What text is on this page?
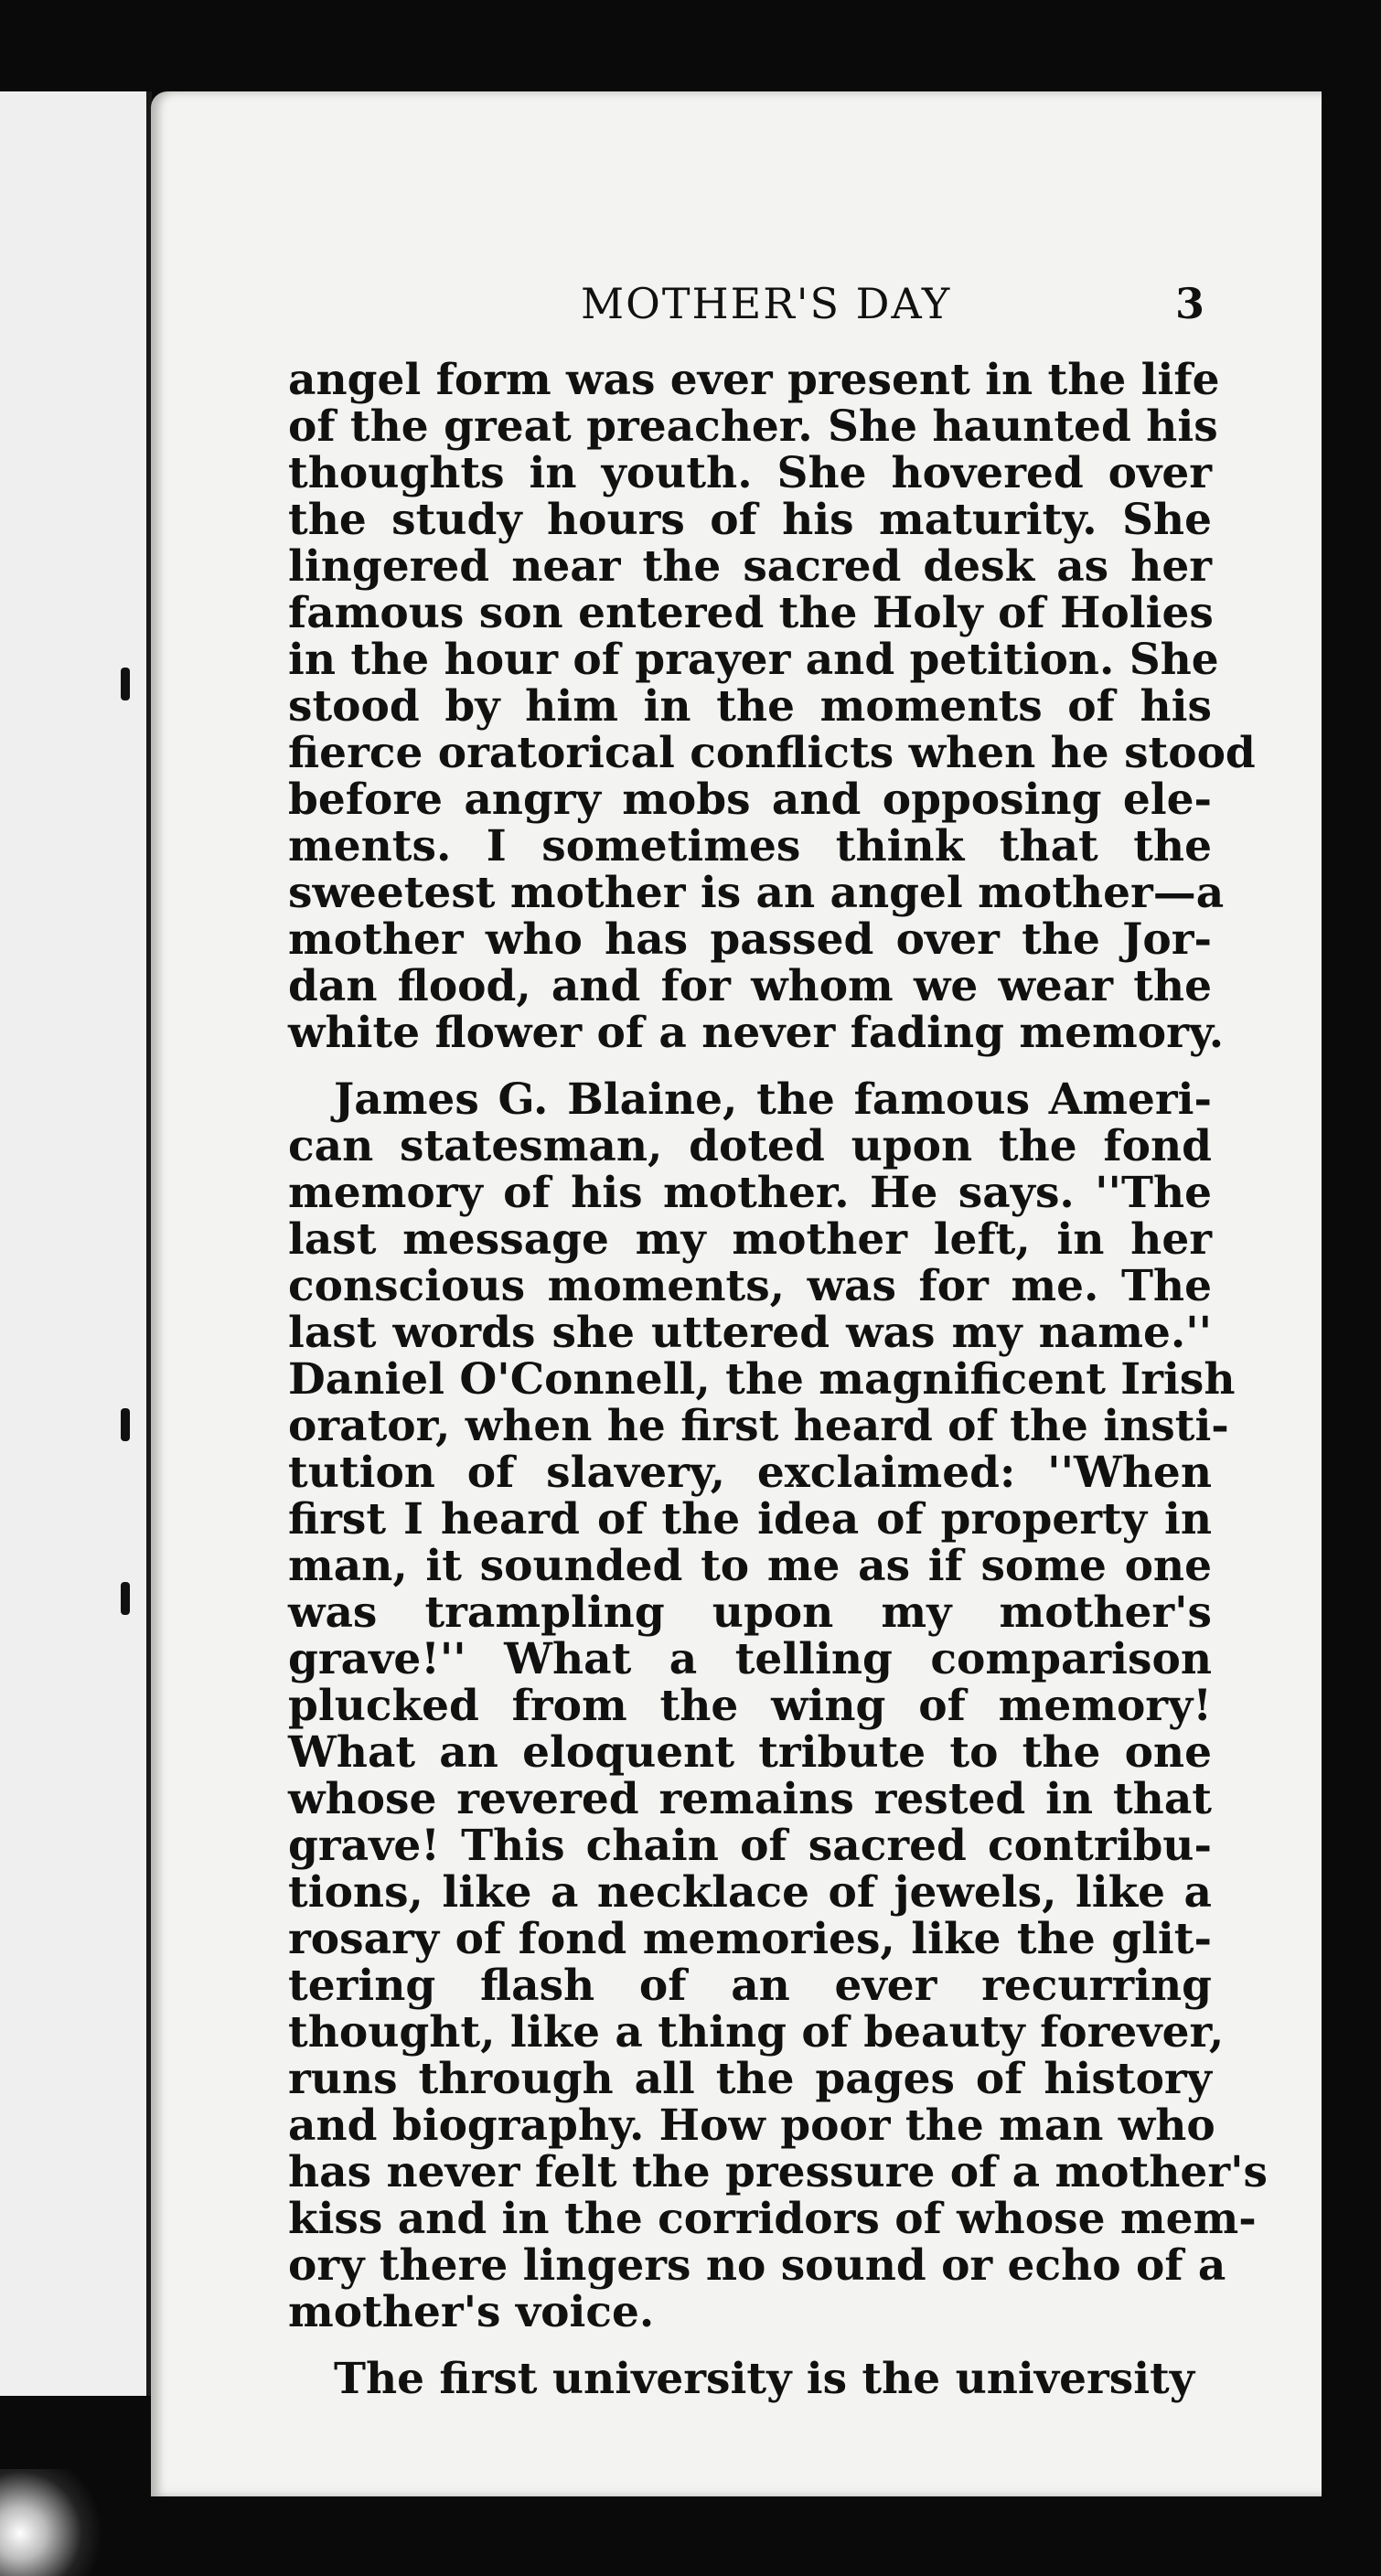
MOTHER'S DAY	3
angel form was ever present in the life
of the great preacher. She haunted his
thoughts in youth. She hovered over
the study hours of his maturity. She
lingered near the sacred desk as her
famous son entered the Holy of Holies
in the hour of prayer and petition. She
stood by him in the moments of his
fierce oratorical conflicts when he stood
before angry mobs and opposing ele-
ments. I sometimes think that the
sweetest mother is an angel mother—a
mother who has passed over the Jor-
dan flood, and for whom we wear the
white flower of a never fading memory.
James G. Blaine, the famous Ameri-
can statesman, doted upon the fond
memory of his mother. He says. ''The
last message my mother left, in her
conscious moments, was for me. The
last words she uttered was my name.''
Daniel O'Connell, the magnificent Irish
orator, when he first heard of the insti-
tution of slavery, exclaimed: ''When
first I heard of the idea of property in
man, it sounded to me as if some one
was trampling upon my mother's
grave!'' What a telling comparison
plucked from the wing of memory!
What an eloquent tribute to the one
whose revered remains rested in that
grave! This chain of sacred contribu-
tions, like a necklace of jewels, like a
rosary of fond memories, like the glit-
tering flash of an ever recurring
thought, like a thing of beauty forever,
runs through all the pages of history
and biography. How poor the man who
has never felt the pressure of a mother's
kiss and in the corridors of whose mem-
ory there lingers no sound or echo of a
mother's voice.
The first university is the university
